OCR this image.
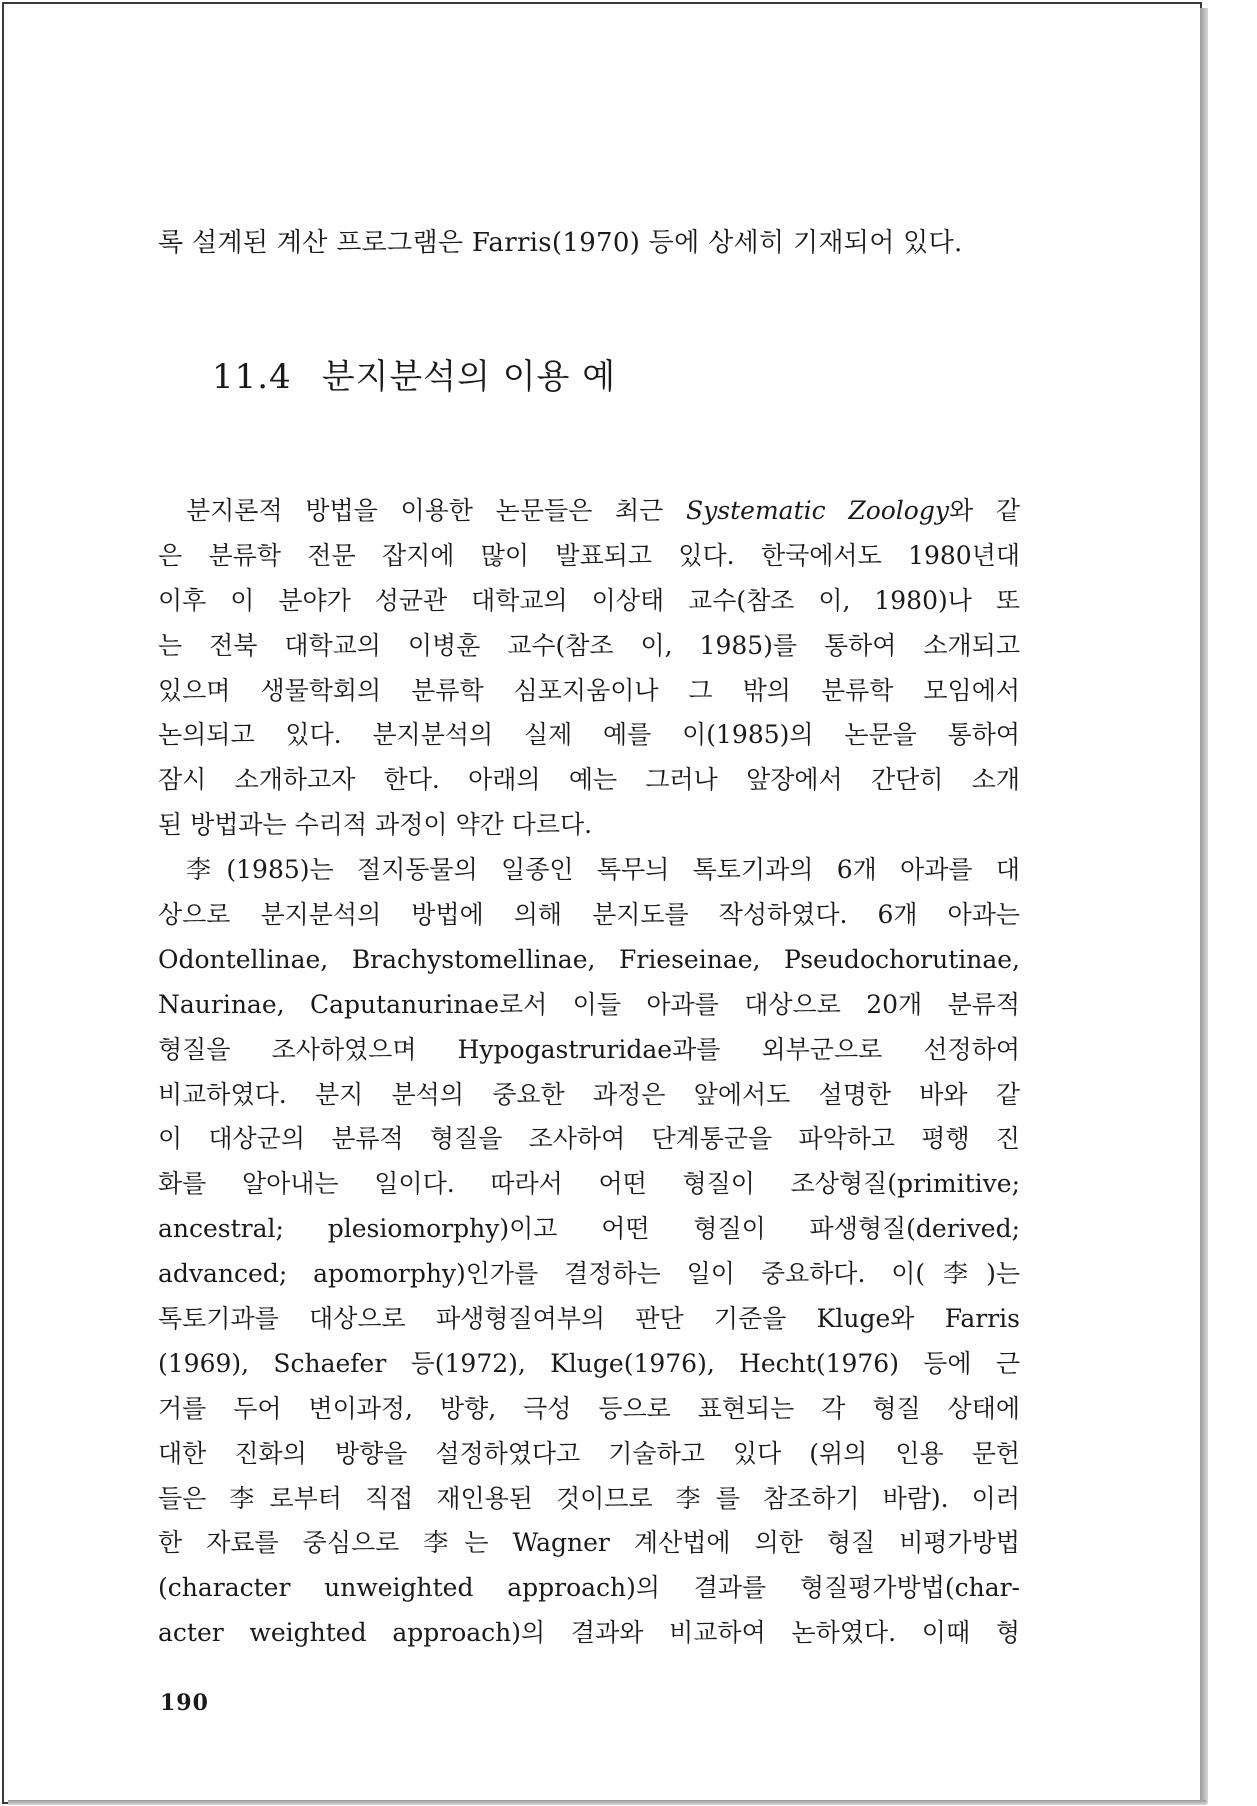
록 설계된 계산 프로그램은 Farris(1970) 등에 상세히 기재되어 있다.
11.4 분지분석의 이용 예
분지론적 방법을 이용한 논문들은 최근 Systematic Zoology와 같
은 분류학 전문 잡지에 많이 발표되고 있다. 한국에서도 1980년대
이후 이 분야가 성균관 대학교의 이상태 교수(참조 이, 1980)나 또
는 전북 대학교의 이병훈 교수(참조 이, 1985)를 통하여 소개되고
있으며 생물학회의 분류학 심포지움이나 그 밖의 분류학 모임에서
논의되고 있다. 분지분석의 실제 예를 이(1985)의 논문을 통하여
잠시 소개하고자 한다. 아래의 예는 그러나 앞장에서 간단히 소개
된 방법과는 수리적 과정이 약간 다르다.
李(1985)는 절지동물의 일종인 톡무늬 톡토기과의 6개 아과를 대
상으로 분지분석의 방법에 의해 분지도를 작성하였다. 6개 아과는
Odontellinae, Brachystomellinae, Frieseinae, Pseudochorutinae,
Naurinae, Caputanurinae로서 이들 아과를 대상으로 20개 분류적
형질을 조사하였으며 Hypogastruridae과를 외부군으로 선정하여
비교하였다. 분지 분석의 중요한 과정은 앞에서도 설명한 바와 같
이 대상군의 분류적 형질을 조사하여 단계통군을 파악하고 평행 진
화를 알아내는 일이다. 따라서 어떤 형질이 조상형질(primitive;
ancestral; plesiomorphy)이고 어떤 형질이 파생형질(derived;
advanced; apomorphy)인가를 결정하는 일이 중요하다. 이(李)는
톡토기과를 대상으로 파생형질여부의 판단 기준을 Kluge와 Farris
(1969), Schaefer 등(1972), Kluge(1976), Hecht(1976) 등에 근
거를 두어 변이과정, 방향, 극성 등으로 표현되는 각 형질 상태에
대한 진화의 방향을 설정하였다고 기술하고 있다 (위의 인용 문헌
들은 李로부터 직접 재인용된 것이므로 李를 참조하기 바람). 이러
한 자료를 중심으로 李는 Wagner 계산법에 의한 형질 비평가방법
(character unweighted approach)의 결과를 형질평가방법(char-
acter weighted approach)의 결과와 비교하여 논하였다. 이때 형
190
